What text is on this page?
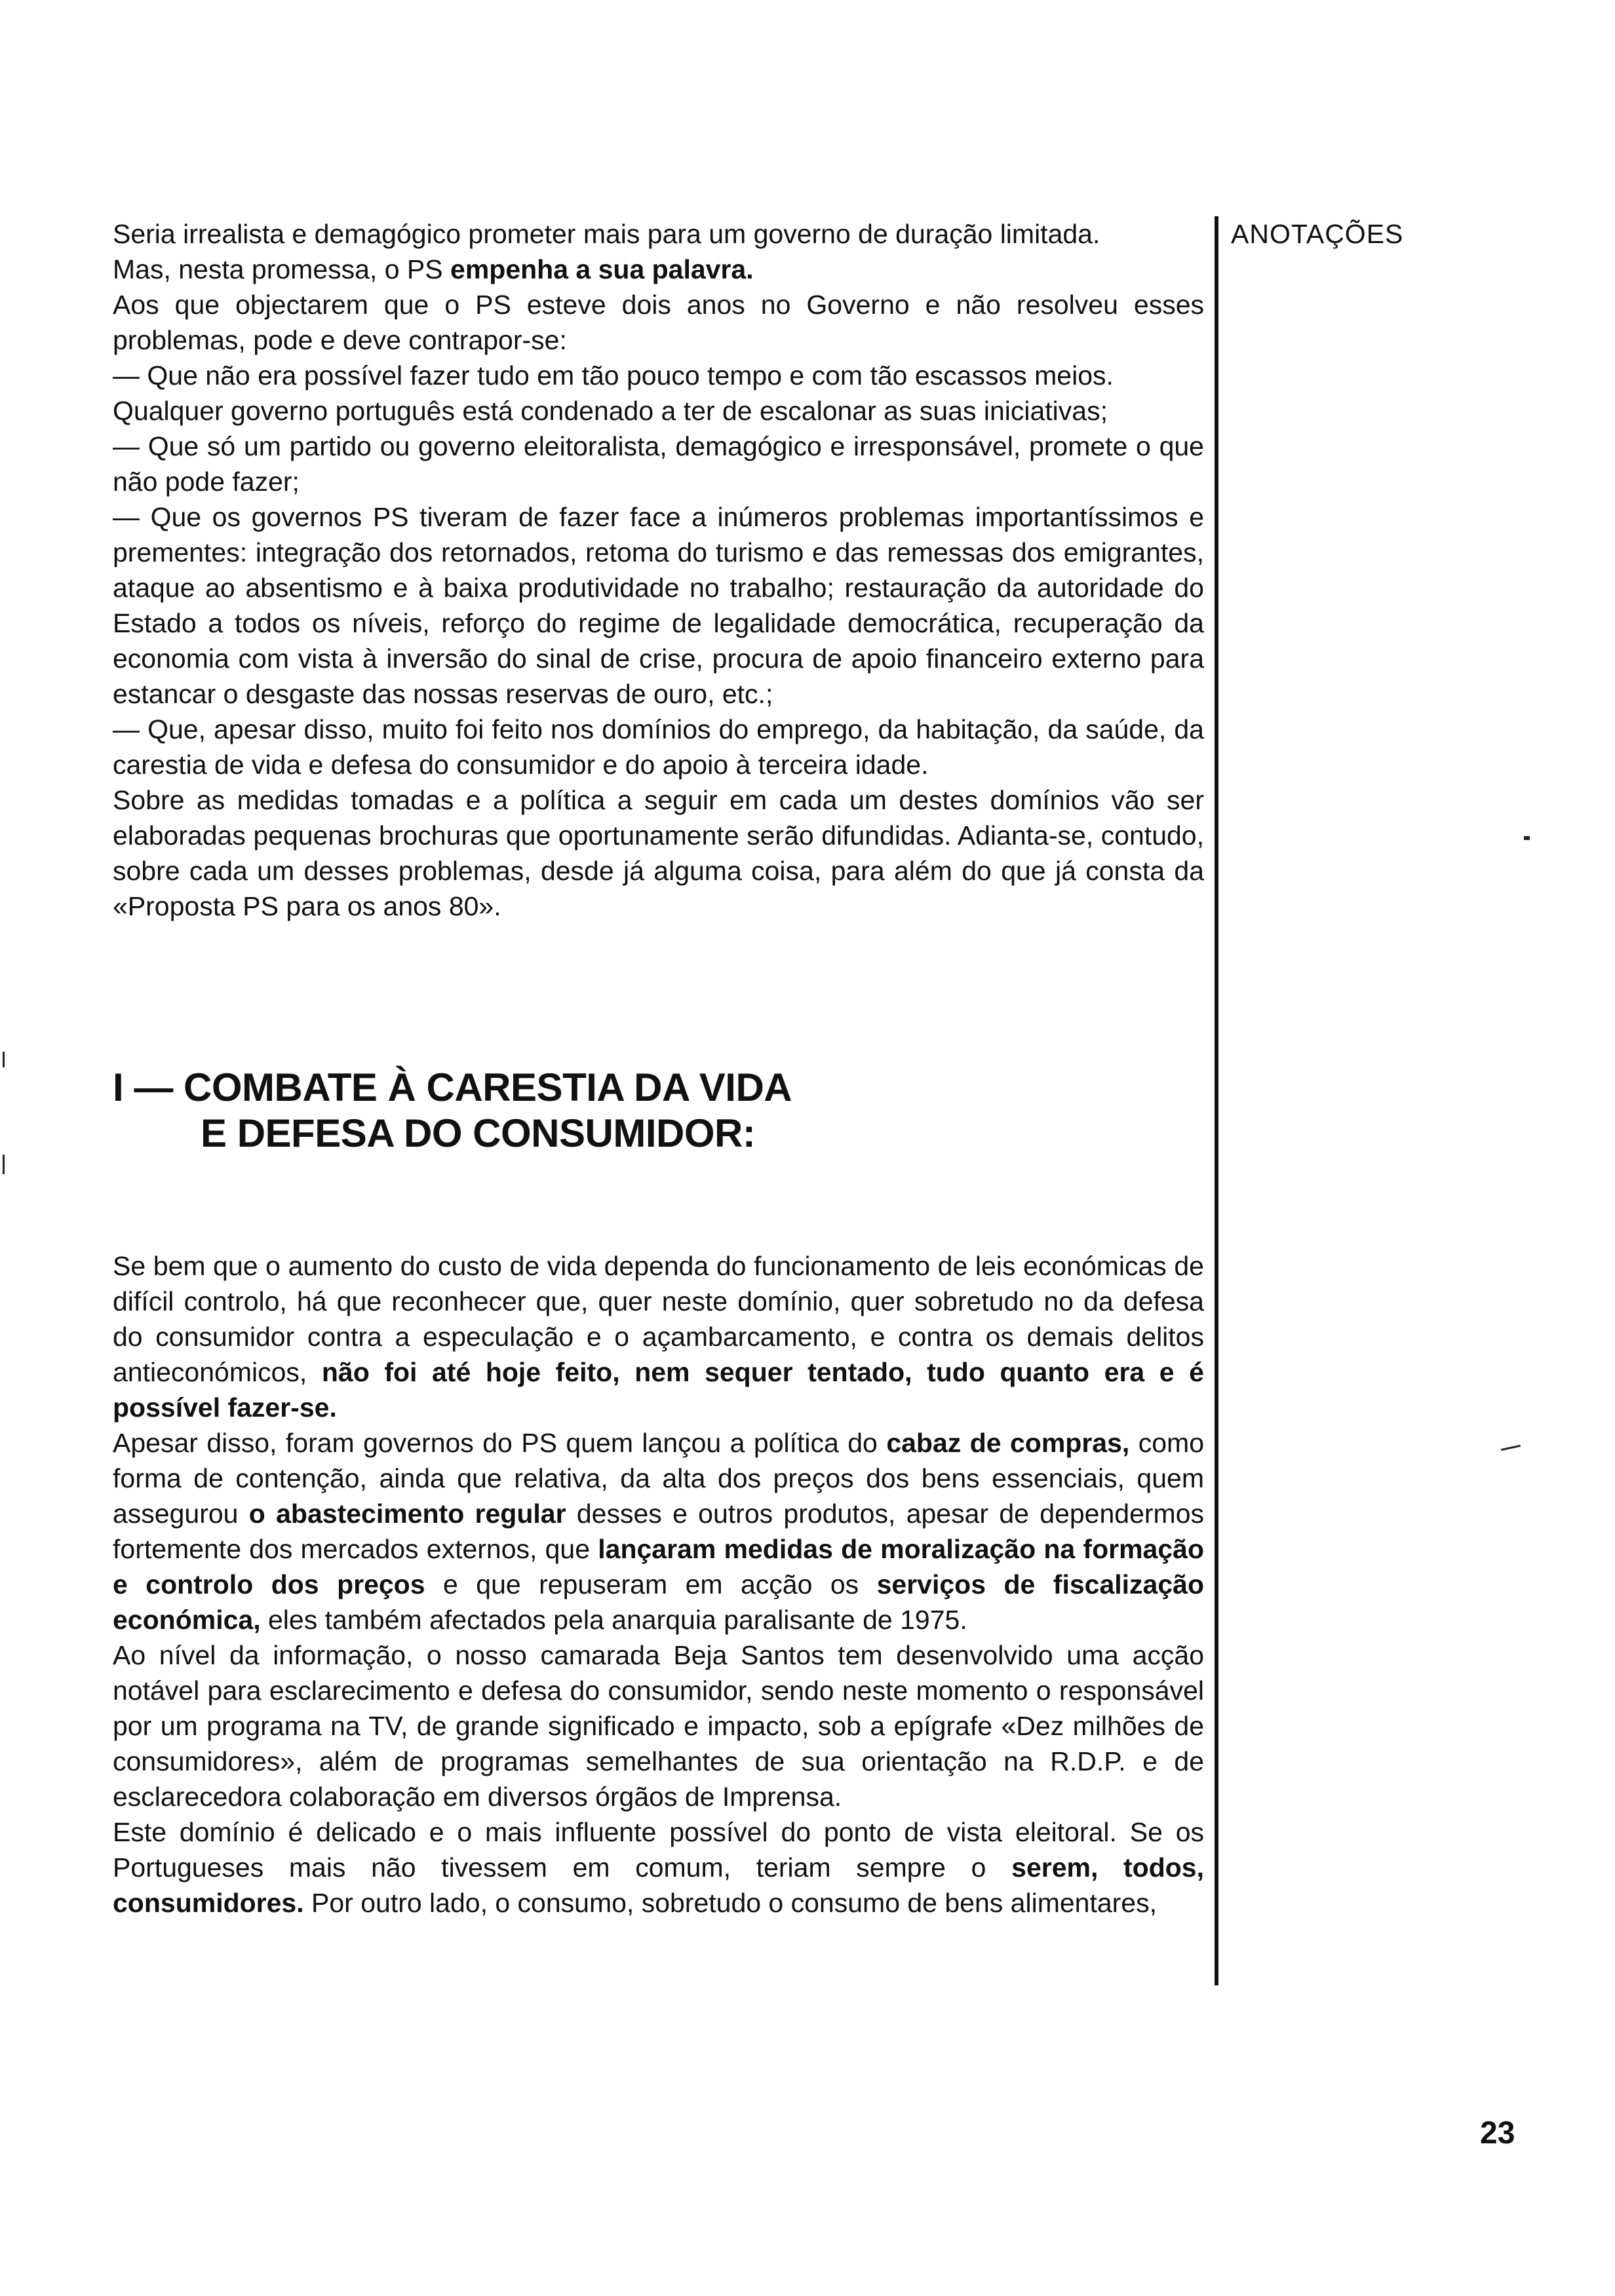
ANOTAÇÕES

Seria irrealista e demagógico prometer mais para um governo de duração limitada.

Mas, nesta promessa, o PS empenha a sua palavra.

Aos que objectarem que o PS esteve dois anos no Governo e não resolveu esses problemas, pode e deve contrapor-se:

— Que não era possível fazer tudo em tão pouco tempo e com tão escassos meios.

Qualquer governo português está condenado a ter de escalonar as suas iniciativas;

— Que só um partido ou governo eleitoralista, demagógico e irresponsável, promete o que não pode fazer;

— Que os governos PS tiveram de fazer face a inúmeros problemas importantíssimos e prementes: integração dos retornados, retoma do turismo e das remessas dos emigrantes, ataque ao absentismo e à baixa produtividade no trabalho; restauração da autoridade do Estado a todos os níveis, reforço do regime de legalidade democrática, recuperação da economia com vista à inversão do sinal de crise, procura de apoio financeiro externo para estancar o desgaste das nossas reservas de ouro, etc.;

— Que, apesar disso, muito foi feito nos domínios do emprego, da habitação, da saúde, da carestia de vida e defesa do consumidor e do apoio à terceira idade.

Sobre as medidas tomadas e a política a seguir em cada um destes domínios vão ser elaboradas pequenas brochuras que oportunamente serão difundidas. Adianta-se, contudo, sobre cada um desses problemas, desde já alguma coisa, para além do que já consta da «Proposta PS para os anos 80».

I — COMBATE À CARESTIA DA VIDA
E DEFESA DO CONSUMIDOR:

Se bem que o aumento do custo de vida dependa do funcionamento de leis económicas de difícil controlo, há que reconhecer que, quer neste domínio, quer sobretudo no da defesa do consumidor contra a especulação e o açambarcamento, e contra os demais delitos antieconómicos, não foi até hoje feito, nem sequer tentado, tudo quanto era e é possível fazer-se.

Apesar disso, foram governos do PS quem lançou a política do cabaz de compras, como forma de contenção, ainda que relativa, da alta dos preços dos bens essenciais, quem assegurou o abastecimento regular desses e outros produtos, apesar de dependermos fortemente dos mercados externos, que lançaram medidas de moralização na formação e controlo dos preços e que repuseram em acção os serviços de fiscalização económica, eles também afectados pela anarquia paralisante de 1975.

Ao nível da informação, o nosso camarada Beja Santos tem desenvolvido uma acção notável para esclarecimento e defesa do consumidor, sendo neste momento o responsável por um programa na TV, de grande significado e impacto, sob a epígrafe «Dez milhões de consumidores», além de programas semelhantes de sua orientação na R.D.P. e de esclarecedora colaboração em diversos órgãos de Imprensa.

Este domínio é delicado e o mais influente possível do ponto de vista eleitoral. Se os Portugueses mais não tivessem em comum, teriam sempre o serem, todos, consumidores. Por outro lado, o consumo, sobretudo o consumo de bens alimentares,

23
